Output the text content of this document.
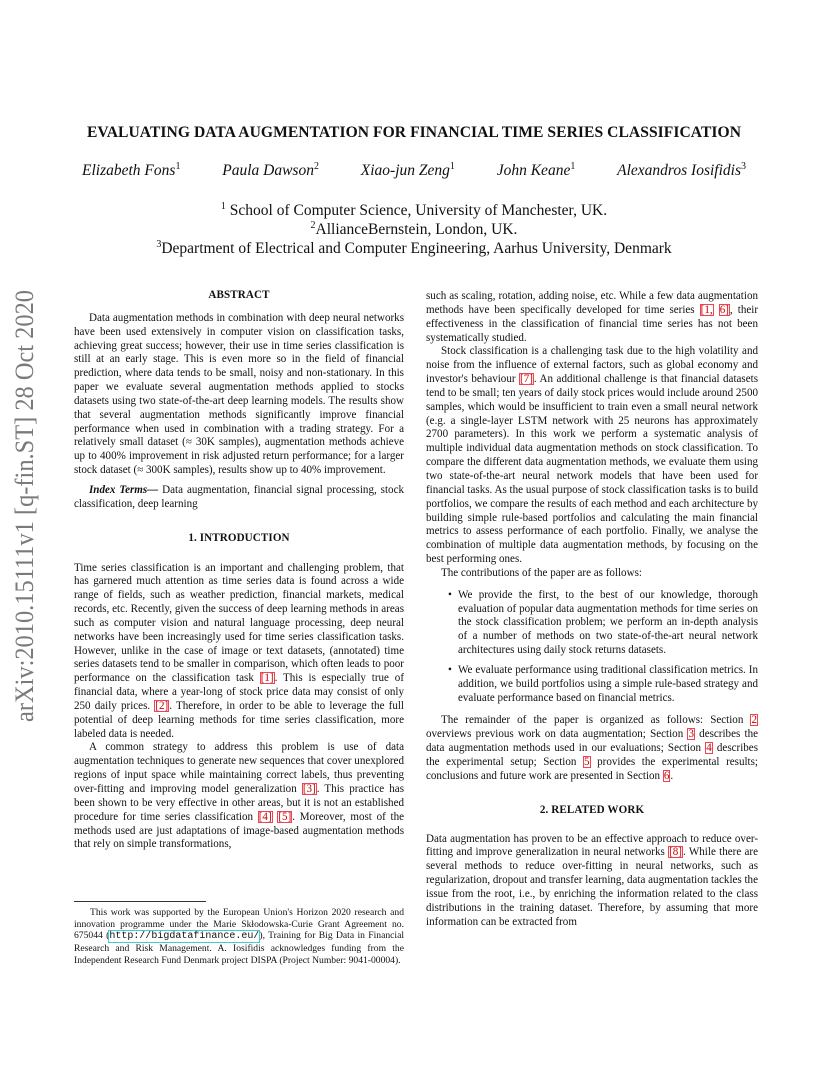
arXiv:2010.15111v1 [q-fin.ST] 28 Oct 2020
EVALUATING DATA AUGMENTATION FOR FINANCIAL TIME SERIES CLASSIFICATION
Elizabeth Fons$^1$	Paula Dawson$^2$	Xiao-jun Zeng$^1$	John Keane$^1$	Alexandros Iosifidis$^3$
$^1$ School of Computer Science, University of Manchester, UK.
$^2$AllianceBernstein, London, UK.
$^3$Department of Electrical and Computer Engineering, Aarhus University, Denmark
ABSTRACT

Data augmentation methods in combination with deep neural networks have been used extensively in computer vision on classification tasks, achieving great success; however, their use in time series classification is still at an early stage. This is even more so in the field of financial prediction, where data tends to be small, noisy and non-stationary. In this paper we evaluate several augmentation methods applied to stocks datasets using two state-of-the-art deep learning models. The results show that several augmentation methods significantly improve financial performance when used in combination with a trading strategy. For a relatively small dataset (≈ 30K samples), augmentation methods achieve up to 400% improvement in risk adjusted return performance; for a larger stock dataset (≈ 300K samples), results show up to 40% improvement.

Index Terms— Data augmentation, financial signal processing, stock classification, deep learning

1. INTRODUCTION

Time series classification is an important and challenging problem, that has garnered much attention as time series data is found across a wide range of fields, such as weather prediction, financial markets, medical records, etc. Recently, given the success of deep learning methods in areas such as computer vision and natural language processing, deep neural networks have been increasingly used for time series classification tasks. However, unlike in the case of image or text datasets, (annotated) time series datasets tend to be smaller in comparison, which often leads to poor performance on the classification task [1]. This is especially true of financial data, where a year-long of stock price data may consist of only 250 daily prices. [2]. Therefore, in order to be able to leverage the full potential of deep learning methods for time series classification, more labeled data is needed.

A common strategy to address this problem is use of data augmentation techniques to generate new sequences that cover unexplored regions of input space while maintaining correct labels, thus preventing over-fitting and improving model generalization [3]. This practice has been shown to be very effective in other areas, but it is not an established procedure for time series classification [4] [5]. Moreover, most of the methods used are just adaptations of image-based augmentation methods that rely on simple transformations,

This work was supported by the European Union's Horizon 2020 research and innovation programme under the Marie Skłodowska-Curie Grant Agreement no. 675044 (http://bigdatafinance.eu/), Training for Big Data in Financial Research and Risk Management. A. Iosifidis acknowledges funding from the Independent Research Fund Denmark project DISPA (Project Number: 9041-00004).

such as scaling, rotation, adding noise, etc. While a few data augmentation methods have been specifically developed for time series [1, 6], their effectiveness in the classification of financial time series has not been systematically studied.

Stock classification is a challenging task due to the high volatility and noise from the influence of external factors, such as global economy and investor's behaviour [7]. An additional challenge is that financial datasets tend to be small; ten years of daily stock prices would include around 2500 samples, which would be insufficient to train even a small neural network (e.g. a single-layer LSTM network with 25 neurons has approximately 2700 parameters). In this work we perform a systematic analysis of multiple individual data augmentation methods on stock classification. To compare the different data augmentation methods, we evaluate them using two state-of-the-art neural network models that have been used for financial tasks. As the usual purpose of stock classification tasks is to build portfolios, we compare the results of each method and each architecture by building simple rule-based portfolios and calculating the main financial metrics to assess performance of each portfolio. Finally, we analyse the combination of multiple data augmentation methods, by focusing on the best performing ones.

The contributions of the paper are as follows:

• We provide the first, to the best of our knowledge, thorough evaluation of popular data augmentation methods for time series on the stock classification problem; we perform an in-depth analysis of a number of methods on two state-of-the-art neural network architectures using daily stock returns datasets.
• We evaluate performance using traditional classification metrics. In addition, we build portfolios using a simple rule-based strategy and evaluate performance based on financial metrics.

The remainder of the paper is organized as follows: Section 2 overviews previous work on data augmentation; Section 3 describes the data augmentation methods used in our evaluations; Section 4 describes the experimental setup; Section 5 provides the experimental results; conclusions and future work are presented in Section 6.

2. RELATED WORK

Data augmentation has proven to be an effective approach to reduce over-fitting and improve generalization in neural networks [8]. While there are several methods to reduce over-fitting in neural networks, such as regularization, dropout and transfer learning, data augmentation tackles the issue from the root, i.e., by enriching the information related to the class distributions in the training dataset. Therefore, by assuming that more information can be extracted from
